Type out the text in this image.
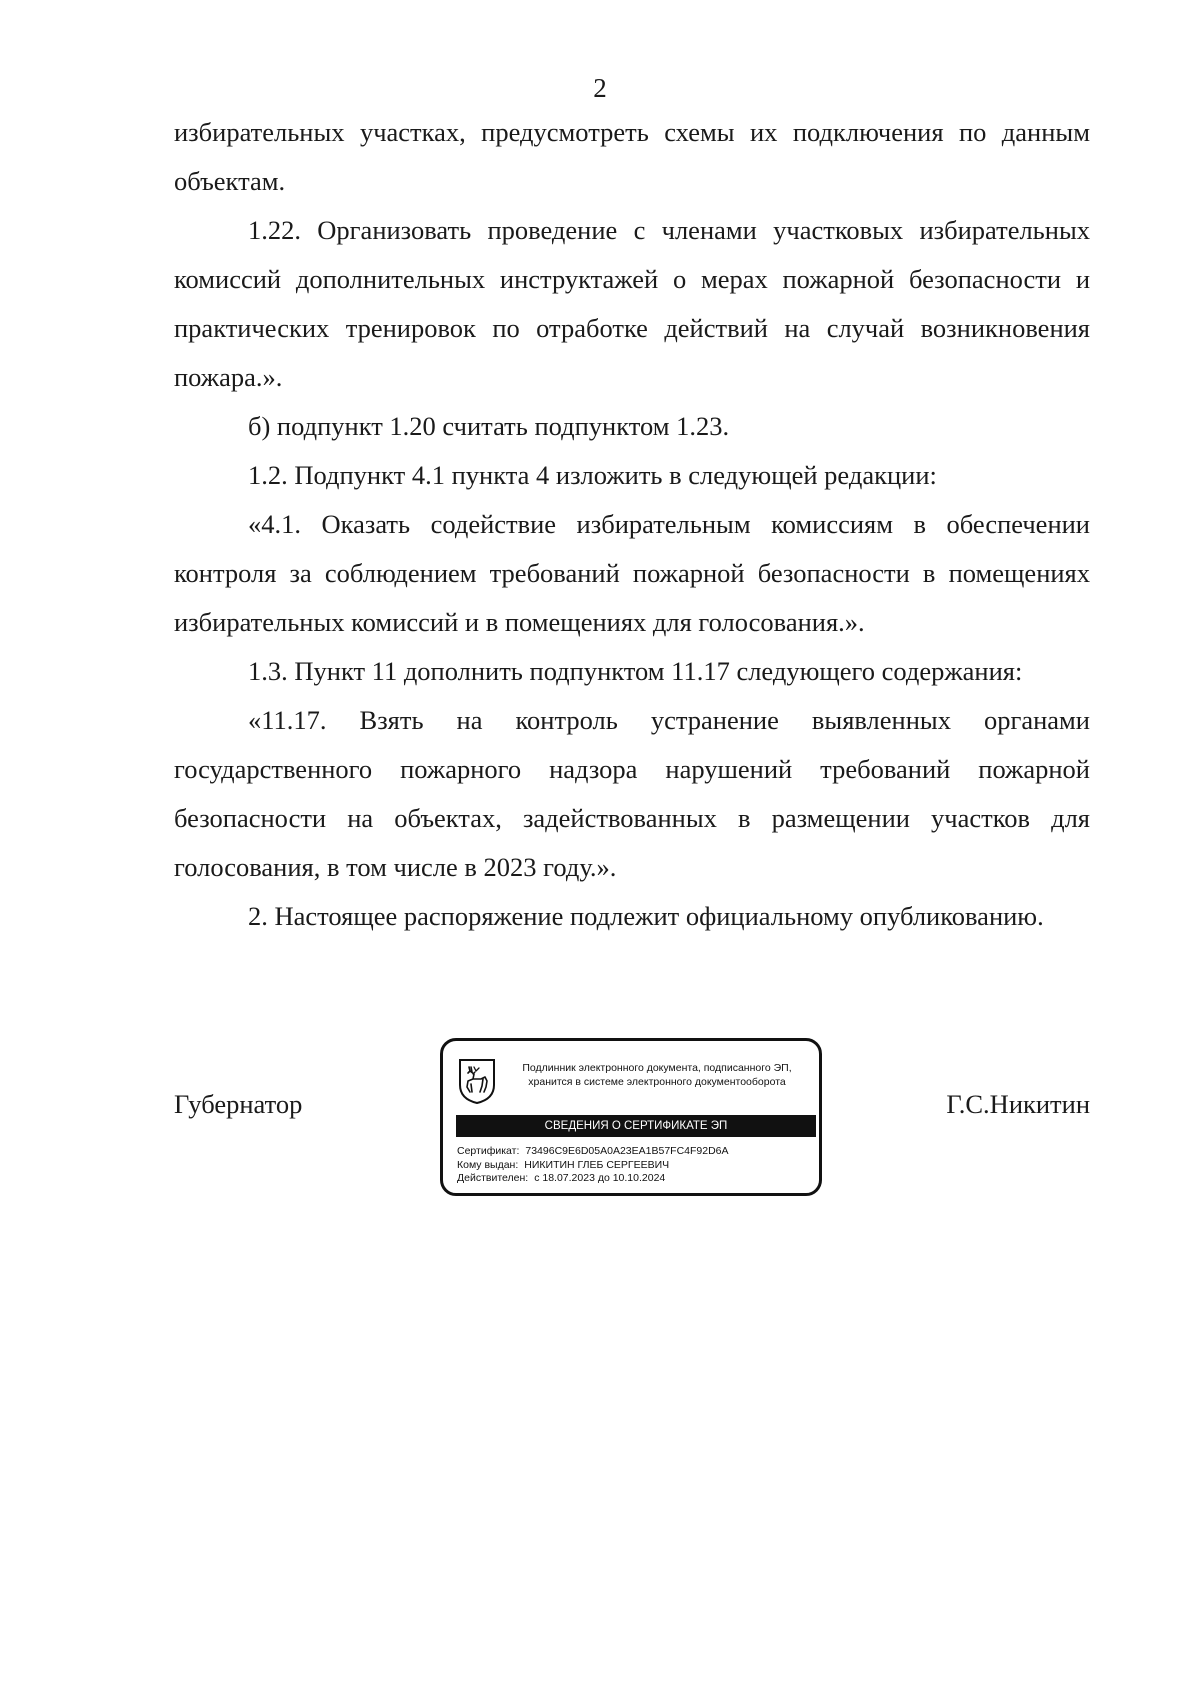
2

избирательных участках, предусмотреть схемы их подключения по данным объектам.

1.22. Организовать проведение с членами участковых избирательных комиссий дополнительных инструктажей о мерах пожарной безопасности и практических тренировок по отработке действий на случай возникновения пожара.».

б) подпункт 1.20 считать подпунктом 1.23.

1.2. Подпункт 4.1 пункта 4 изложить в следующей редакции:

«4.1. Оказать содействие избирательным комиссиям в обеспечении контроля за соблюдением требований пожарной безопасности в помещениях избирательных комиссий и в помещениях для голосования.».

1.3. Пункт 11 дополнить подпунктом 11.17 следующего содержания:

«11.17. Взять на контроль устранение выявленных органами государственного пожарного надзора нарушений требований пожарной безопасности на объектах, задействованных в размещении участков для голосования, в том числе в 2023 году.».

2. Настоящее распоряжение подлежит официальному опубликованию.

Губернатор	Г.С.Никитин
Подлинник электронного документа, подписанного ЭП,
хранится в системе электронного документооборота
СВЕДЕНИЯ О СЕРТИФИКАТЕ ЭП
Сертификат: 73496C9E6D05A0A23EA1B57FC4F92D6A
Кому выдан: НИКИТИН ГЛЕБ СЕРГЕЕВИЧ
Действителен: с 18.07.2023 до 10.10.2024
